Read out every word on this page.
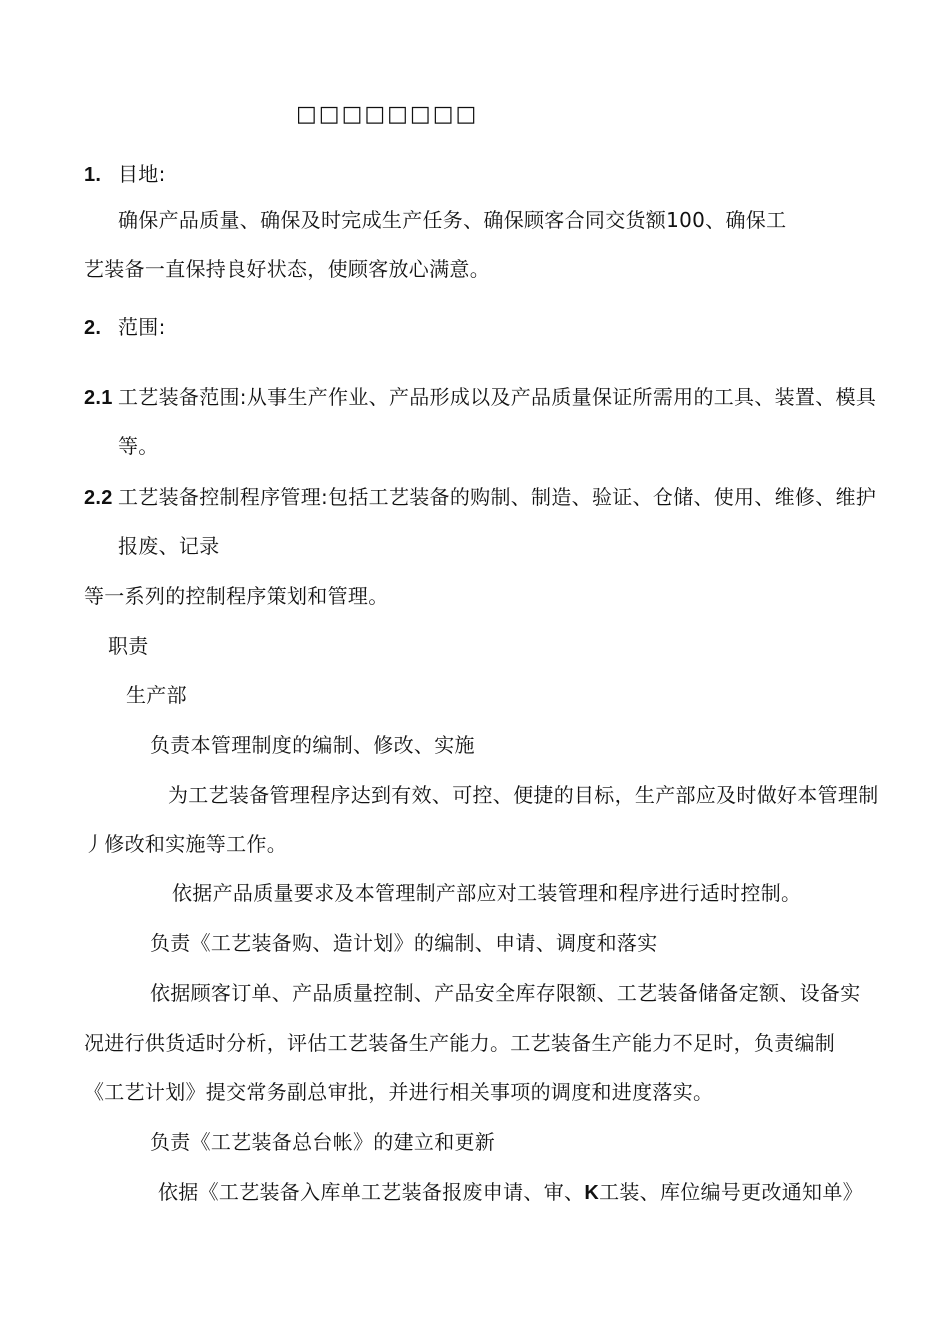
□□□□□□□□
1. 目地:
确保产品质量、确保及时完成生产任务、确保顾客合同交货额100、确保工
艺装备一直保持良好状态，使顾客放心满意。
2. 范围:
2.1 工艺装备范围:从事生产作业、产品形成以及产品质量保证所需用的工具、装置、模具
等。
2.2 工艺装备控制程序管理:包括工艺装备的购制、制造、验证、仓储、使用、维修、维护
报废、记录
等一系列的控制程序策划和管理。
职责
生产部
负责本管理制度的编制、修改、实施
为工艺装备管理程序达到有效、可控、便捷的目标，生产部应及时做好本管理制
丿修改和实施等工作。
依据产品质量要求及本管理制产部应对工装管理和程序进行适时控制。
负责《工艺装备购、造计划》的编制、申请、调度和落实
依据顾客订单、产品质量控制、产品安全库存限额、工艺装备储备定额、设备实
况进行供货适时分析，评估工艺装备生产能力。工艺装备生产能力不足时，负责编制
《工艺计划》提交常务副总审批，并进行相关事项的调度和进度落实。
负责《工艺装备总台帐》的建立和更新
依据《工艺装备入库单工艺装备报废申请、审、K工装、库位编号更改通知单》
